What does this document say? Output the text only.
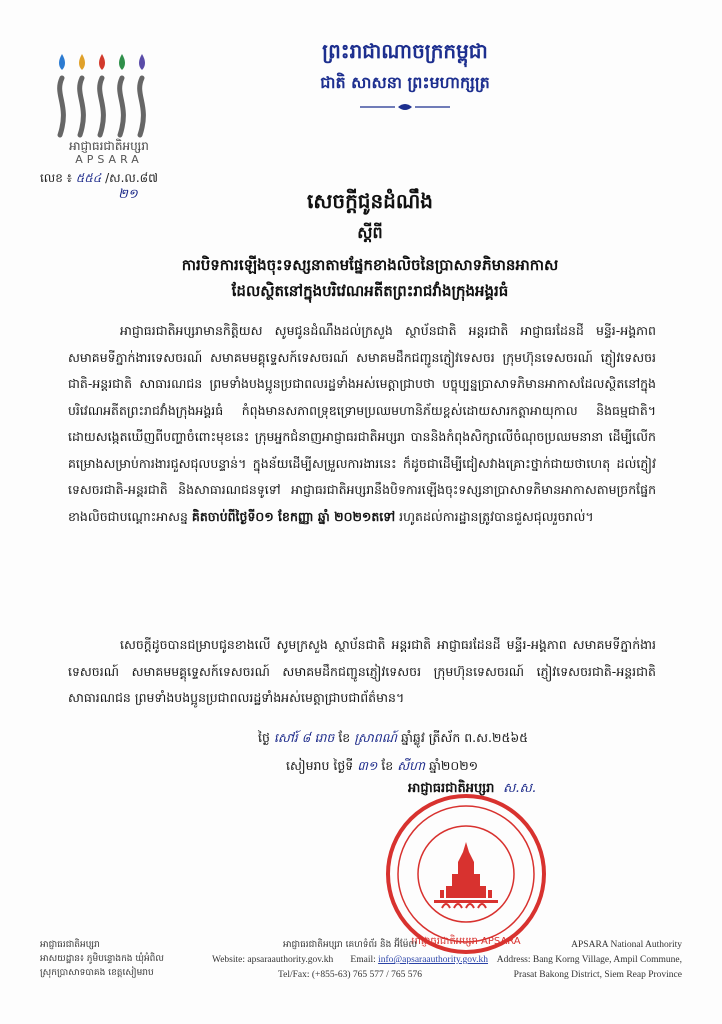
អាជ្ញាធរជាតិអប្សរា
APSARA
លេខ ៖ ៥៥៤ /ស.ល.៨៧
២១
ព្រះរាជាណាចក្រកម្ពុជា
ជាតិ សាសនា ព្រះមហាក្សត្រ
សេចក្ដីជូនដំណឹង
ស្ដីពី
ការបិទការឡើងចុះទស្សនាតាមផ្នែកខាងលិចនៃប្រាសាទភិមានអាកាស
ដែលស្ថិតនៅក្នុងបរិវេណអតីតព្រះរាជវាំងក្រុងអង្គរធំ
អាជ្ញាធរជាតិអប្សរាមានកិត្តិយស សូមជូនដំណឹងដល់ក្រសួង ស្ថាប័នជាតិ អន្តរជាតិ អាជ្ញាធរដែនដី មន្ទីរ-អង្គភាព សមាគមទីភ្នាក់ងារទេសចរណ៍ សមាគមមគ្គុទ្ទេសក៍ទេសចរណ៍ សមាគមដឹកជញ្ជូនភ្ញៀវទេសចរ ក្រុមហ៊ុនទេសចរណ៍ ភ្ញៀវទេសចរជាតិ-អន្តរជាតិ សាធារណជន ព្រមទាំងបងប្អូនប្រជាពលរដ្ឋទាំងអស់មេត្តាជ្រាបថា បច្ចុប្បន្នប្រាសាទភិមានអាកាសដែលស្ថិតនៅក្នុងបរិវេណអតីតព្រះរាជវាំងក្រុងអង្គរធំ កំពុងមានសភាពទ្រុឌទ្រោមប្រឈមហានិភ័យខ្ពស់ដោយសារកត្តាអាយុកាល និងធម្មជាតិ។ ដោយសង្កេតឃើញពីបញ្ហាចំពោះមុខនេះ ក្រុមអ្នកជំនាញអាជ្ញាធរជាតិអប្សរា បាននិងកំពុងសិក្សាលើចំណុចប្រឈមនានា ដើម្បីលើកគម្រោងសម្រាប់ការងារជួសជុលបន្ទាន់។ ក្នុងន័យដើម្បីសម្រួលការងារនេះ ក៏ដូចជាដើម្បីជៀសវាងគ្រោះថ្នាក់ជាយថាហេតុ ដល់ភ្ញៀវទេសចរជាតិ-អន្តរជាតិ និងសាធារណជនទូទៅ អាជ្ញាធរជាតិអប្សរានឹងបិទការឡើងចុះទស្សនាប្រាសាទភិមានអាកាសតាមច្រកផ្នែកខាងលិចជាបណ្ដោះអាសន្ន គិតចាប់ពីថ្ងៃទី០១ ខែកញ្ញា ឆ្នាំ ២០២១តទៅ រហូតដល់ការដ្ឋានត្រូវបានជួសជុលរួចរាល់។
សេចក្ដីដូចបានជម្រាបជូនខាងលើ សូមក្រសួង ស្ថាប័នជាតិ អន្តរជាតិ អាជ្ញាធរដែនដី មន្ទីរ-អង្គភាព សមាគមទីភ្នាក់ងារទេសចរណ៍ សមាគមមគ្គុទ្ទេសក៍ទេសចរណ៍ សមាគមដឹកជញ្ជូនភ្ញៀវទេសចរ ក្រុមហ៊ុនទេសចរណ៍ ភ្ញៀវទេសចរជាតិ-អន្តរជាតិ សាធារណជន ព្រមទាំងបងប្អូនប្រជាពលរដ្ឋទាំងអស់មេត្តាជ្រាបជាព័ត៌មាន។
ថ្ងៃ សៅរ៍ ៨ រោច ខែ ស្រាពណ៍ ឆ្នាំឆ្លូវ ត្រីស័ក ព.ស.២៥៦៥
សៀមរាប ថ្ងៃទី ៣១ ខែ សីហា ឆ្នាំ២០២១
អាជ្ញាធរជាតិអប្សរា ស.ស.
អាជ្ញាធរជាតិអប្សរា APSARA
អាជ្ញាធរជាតិអប្សរា
អាសយដ្ឋាន៖ ភូមិបន្ទោងកង ឃុំអំពិល
ស្រុកប្រាសាទបាគង ខេត្តសៀមរាប
អាជ្ញាធរជាតិអប្សរា គេហទំព័រ និង អ៊ីម៉ែល
Website: apsaraauthority.gov.kh Email: info@apsaraauthority.gov.kh
Tel/Fax: (+855-63) 765 577 / 765 576
APSARA National Authority
Address: Bang Korng Village, Ampil Commune,
Prasat Bakong District, Siem Reap Province
